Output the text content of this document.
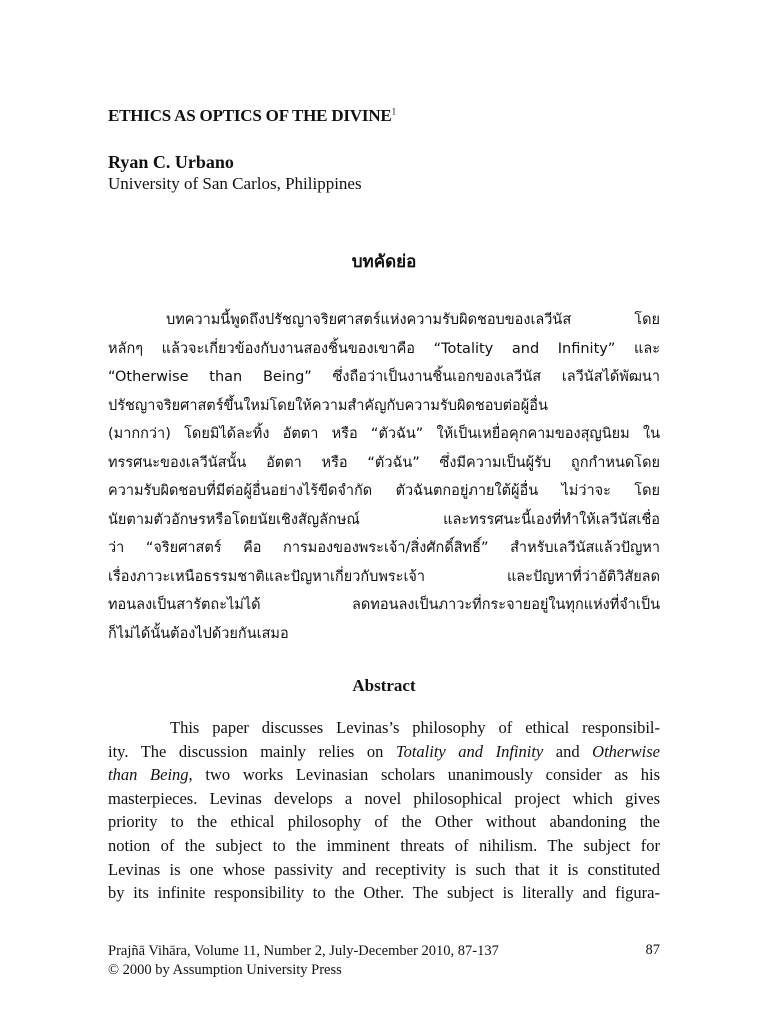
ETHICS AS OPTICS OF THE DIVINE$^1$
Ryan C. Urbano
University of San Carlos, Philippines
บทคัดย่อ
บทความนี้พูดถึงปรัชญาจริยศาสตร์แห่งความรับผิดชอบของเลวีนัส โดย
หลักๆ แล้วจะเกี่ยวข้องกับงานสองชิ้นของเขาคือ “Totality and Infinity” และ
“Otherwise than Being” ซึ่งถือว่าเป็นงานชิ้นเอกของเลวีนัส เลวีนัสได้พัฒนา
ปรัชญาจริยศาสตร์ขึ้นใหม่โดยให้ความสำคัญกับความรับผิดชอบต่อผู้อื่น
(มากกว่า) โดยมิได้ละทิ้ง อัตตา หรือ “ตัวฉัน” ให้เป็นเหยื่อคุกคามของสุญนิยม ใน
ทรรศนะของเลวีนัสนั้น อัตตา หรือ “ตัวฉัน” ซึ่งมีความเป็นผู้รับ ถูกกำหนดโดย
ความรับผิดชอบที่มีต่อผู้อื่นอย่างไร้ขีดจำกัด ตัวฉันตกอยู่ภายใต้ผู้อื่น ไม่ว่าจะ โดย
นัยตามตัวอักษรหรือโดยนัยเชิงสัญลักษณ์ และทรรศนะนี้เองที่ทำให้เลวีนัสเชื่อ
ว่า “จริยศาสตร์ คือ การมองของพระเจ้า/สิ่งศักดิ์สิทธิ์” สำหรับเลวีนัสแล้วปัญหา
เรื่องภาวะเหนือธรรมชาติและปัญหาเกี่ยวกับพระเจ้า และปัญหาที่ว่าอัติวิสัยลด
ทอนลงเป็นสารัตถะไม่ได้ ลดทอนลงเป็นภาวะที่กระจายอยู่ในทุกแห่งที่จำเป็น
ก็ไม่ได้นั้นต้องไปด้วยกันเสมอ
Abstract
This paper discusses Levinas’s philosophy of ethical responsibil-
ity. The discussion mainly relies on Totality and Infinity and Otherwise
than Being, two works Levinasian scholars unanimously consider as his
masterpieces. Levinas develops a novel philosophical project which gives
priority to the ethical philosophy of the Other without abandoning the
notion of the subject to the imminent threats of nihilism. The subject for
Levinas is one whose passivity and receptivity is such that it is constituted
by its infinite responsibility to the Other. The subject is literally and figura-
Prajñā Vihāra, Volume 11, Number 2, July-December 2010, 87-137
© 2000 by Assumption University Press
87
